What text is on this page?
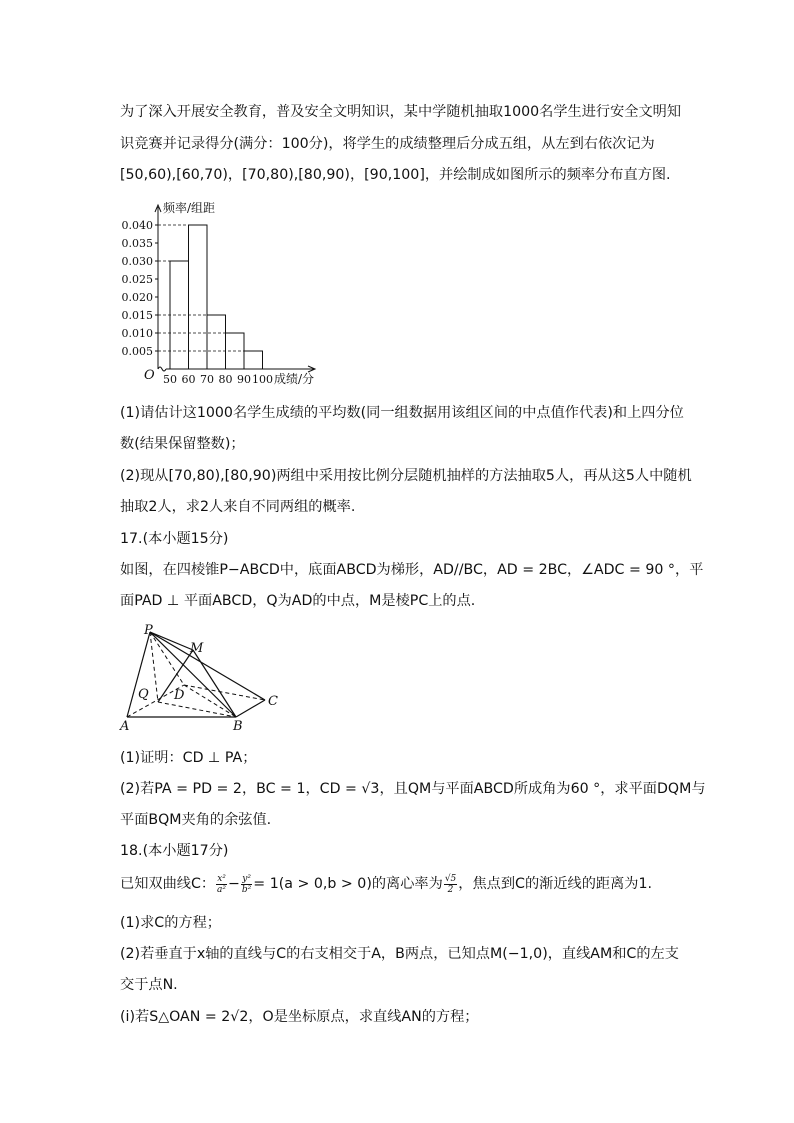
为了深入开展安全教育，普及安全文明知识，某中学随机抽取1000名学生进行安全文明知
识竞赛并记录得分(满分：100分)，将学生的成绩整理后分成五组，从左到右依次记为
[50,60),[60,70)，[70,80),[80,90)，[90,100]，并绘制成如图所示的频率分布直方图.
0.005
0.010
0.015
0.020
0.025
0.030
0.035
0.040
50 60 70 80 90 100
频率/组距
成绩/分
O
(1)请估计这1000名学生成绩的平均数(同一组数据用该组区间的中点值作代表)和上四分位
数(结果保留整数)；
(2)现从[70,80),[80,90)两组中采用按比例分层随机抽样的方法抽取5人，再从这5人中随机
抽取2人，求2人来自不同两组的概率.
17.(本小题15分)
如图，在四棱锥P−ABCD中，底面ABCD为梯形，AD//BC，AD = 2BC，∠ADC = 90 °，平
面PAD ⊥ 平面ABCD，Q为AD的中点，M是棱PC上的点.
P
M
Q D
A	B
C
(1)证明：CD ⊥ PA；
(2)若PA = PD = 2，BC = 1，CD = √3，且QM与平面ABCD所成角为60 °，求平面DQM与
平面BQM夹角的余弦值.
18.(本小题17分)
已知双曲线C： $\frac{\text{x²}}{\text{a²}} - \frac{\text{y²}}{\text{b²}} = 1(a > 0,b > 0)$的离心率为 $\frac{√5}{2}$ ，焦点到C的渐近线的距离为1.
(1)求C的方程；
(2)若垂直于x轴的直线与C的右支相交于A，B两点，已知点M(−1,0)，直线AM和C的左支
交于点N.
(ⅰ)若S△OAN = 2√2，O是坐标原点，求直线AN的方程；
